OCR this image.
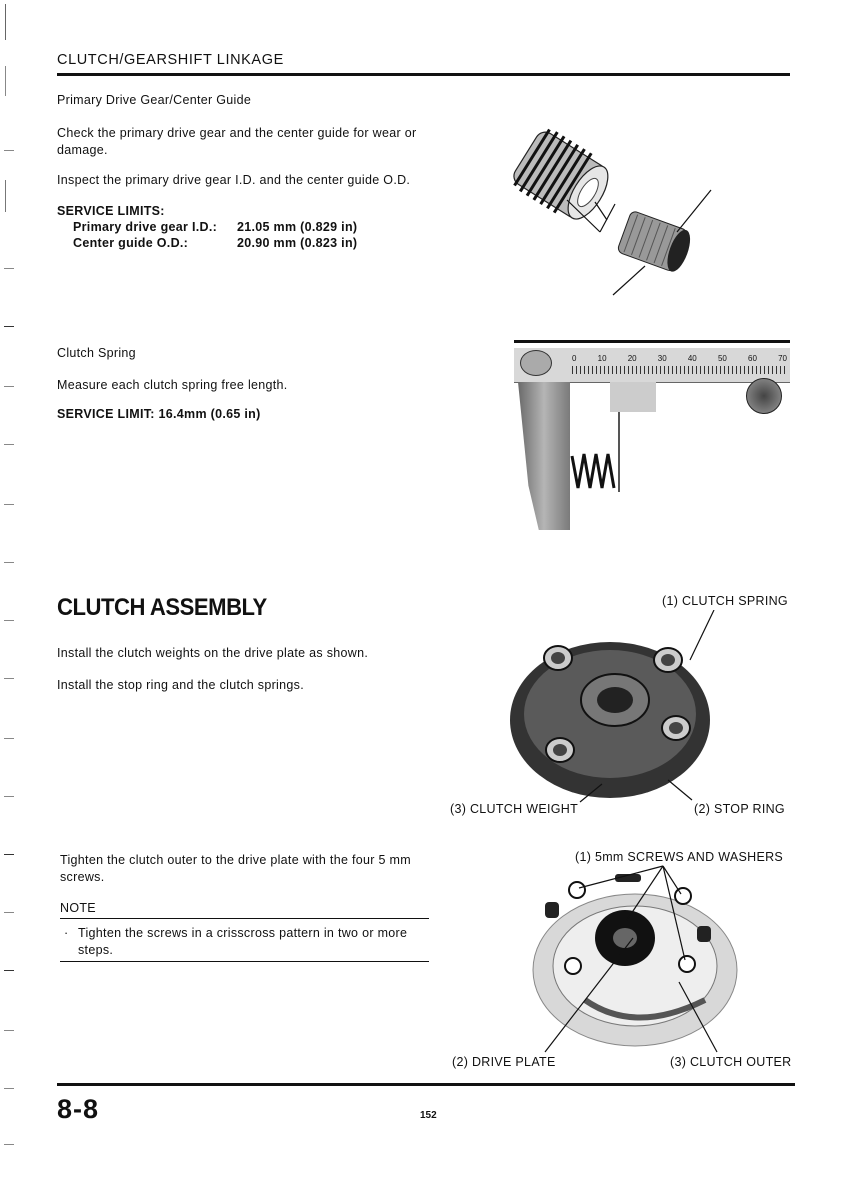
CLUTCH/GEARSHIFT LINKAGE
Primary Drive Gear/Center Guide
Check the primary drive gear and the center guide for wear or damage.
Inspect the primary drive gear I.D. and the center guide O.D.
SERVICE LIMITS:
Primary drive gear I.D.: 21.05 mm (0.829 in)
Center guide O.D.:	20.90 mm (0.823 in)
Clutch Spring
Measure each clutch spring free length.
SERVICE LIMIT: 16.4mm (0.65 in)
0	10	20	30	40	50	60	70
CLUTCH ASSEMBLY
Install the clutch weights on the drive plate as shown.
Install the stop ring and the clutch springs.
(1) CLUTCH SPRING
(3) CLUTCH WEIGHT	(2) STOP RING
Tighten the clutch outer to the drive plate with the four 5 mm screws.
NOTE
· Tighten the screws in a crisscross pattern in two or more steps.
(1) 5mm SCREWS AND WASHERS
(2) DRIVE PLATE	(3) CLUTCH OUTER
8-8	152
